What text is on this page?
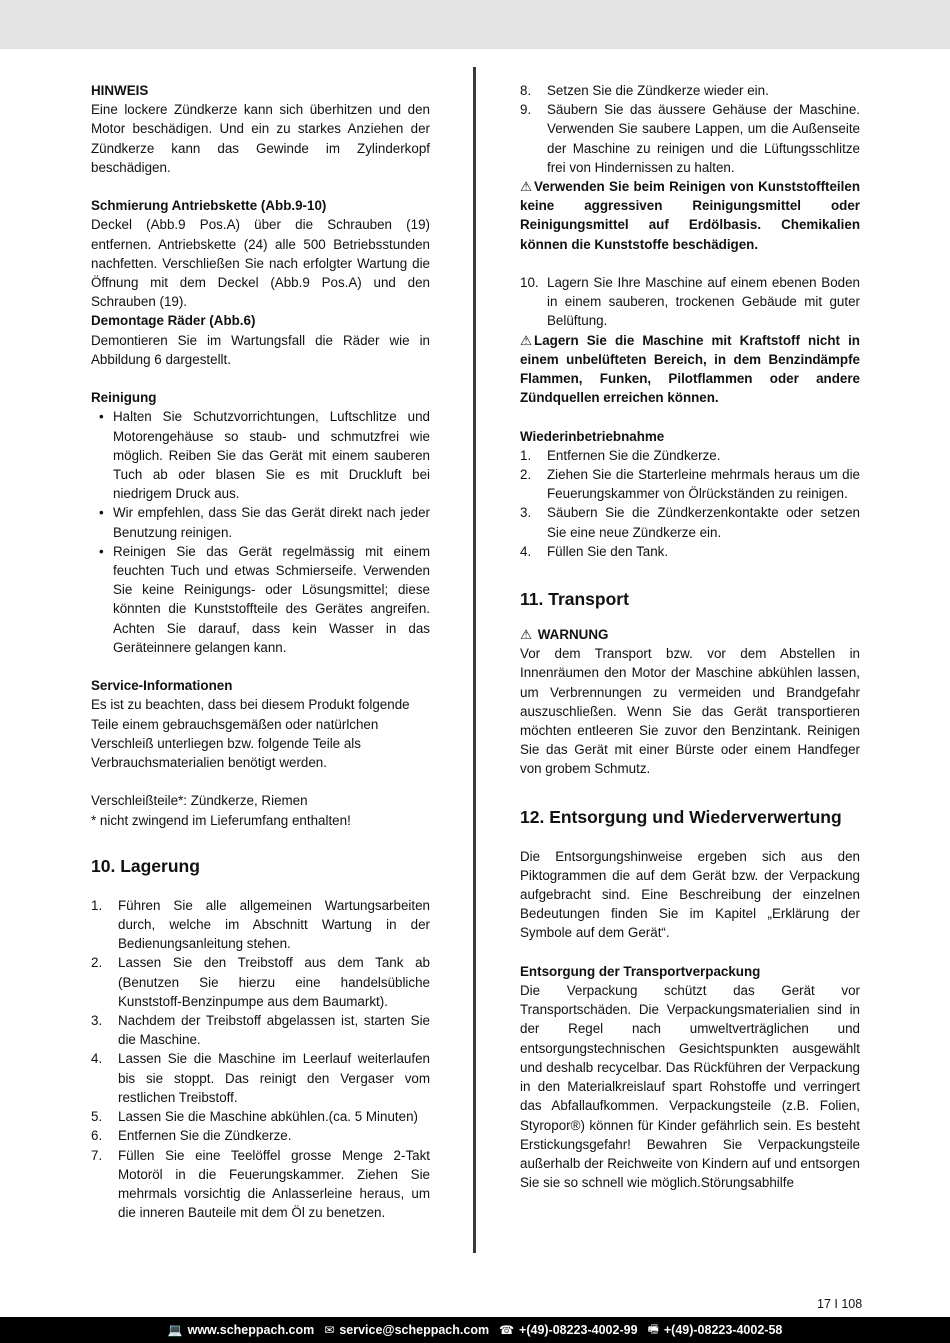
HINWEIS

Eine lockere Zündkerze kann sich überhitzen und den Motor beschädigen. Und ein zu starkes Anziehen der Zündkerze kann das Gewinde im Zylinderkopf beschädigen.

Schmierung Antriebskette (Abb.9-10)

Deckel (Abb.9 Pos.A) über die Schrauben (19) entfernen. Antriebskette (24) alle 500 Betriebsstunden nachfetten. Verschließen Sie nach erfolgter Wartung die Öffnung mit dem Deckel (Abb.9 Pos.A) und den Schrauben (19).

Demontage Räder (Abb.6)

Demontieren Sie im Wartungsfall die Räder wie in Abbildung 6 dargestellt.

Reinigung

• Halten Sie Schutzvorrichtungen, Luftschlitze und Motorengehäuse so staub- und schmutzfrei wie möglich. Reiben Sie das Gerät mit einem sauberen Tuch ab oder blasen Sie es mit Druckluft bei niedrigem Druck aus.
• Wir empfehlen, dass Sie das Gerät direkt nach jeder Benutzung reinigen.
• Reinigen Sie das Gerät regelmässig mit einem feuchten Tuch und etwas Schmierseife. Verwenden Sie keine Reinigungs- oder Lösungsmittel; diese könnten die Kunststoffteile des Gerätes angreifen. Achten Sie darauf, dass kein Wasser in das Geräteinnere gelangen kann.

Service-Informationen

Es ist zu beachten, dass bei diesem Produkt folgende

Teile einem gebrauchsgemäßen oder natürlchen

Verschleiß unterliegen bzw. folgende Teile als

Verbrauchsmaterialien benötigt werden.

Verschleißteile*: Zündkerze, Riemen

* nicht zwingend im Lieferumfang enthalten!

10. Lagerung

1. Führen Sie alle allgemeinen Wartungsarbeiten durch, welche im Abschnitt Wartung in der Bedienungsanleitung stehen.
2. Lassen Sie den Treibstoff aus dem Tank ab (Benutzen Sie hierzu eine handelsübliche Kunststoff-Benzinpumpe aus dem Baumarkt).
3. Nachdem der Treibstoff abgelassen ist, starten Sie die Maschine.
4. Lassen Sie die Maschine im Leerlauf weiterlaufen bis sie stoppt. Das reinigt den Vergaser vom restlichen Treibstoff.
5. Lassen Sie die Maschine abkühlen.(ca. 5 Minuten)
6. Entfernen Sie die Zündkerze.
7. Füllen Sie eine Teelöffel grosse Menge 2-Takt Motoröl in die Feuerungskammer. Ziehen Sie mehrmals vorsichtig die Anlasserleine heraus, um die inneren Bauteile mit dem Öl zu benetzen.
8. Setzen Sie die Zündkerze wieder ein.
9. Säubern Sie das äussere Gehäuse der Maschine. Verwenden Sie saubere Lappen, um die Außenseite der Maschine zu reinigen und die Lüftungsschlitze frei von Hindernissen zu halten.

⚠ Verwenden Sie beim Reinigen von Kunststoffteilen keine aggressiven Reinigungsmittel oder Reinigungsmittel auf Erdölbasis. Chemikalien können die Kunststoffe beschädigen.

10. Lagern Sie Ihre Maschine auf einem ebenen Boden in einem sauberen, trockenen Gebäude mit guter Belüftung.

⚠ Lagern Sie die Maschine mit Kraftstoff nicht in einem unbelüfteten Bereich, in dem Benzindämpfe Flammen, Funken, Pilotflammen oder andere Zündquellen erreichen können.

Wiederinbetriebnahme

1. Entfernen Sie die Zündkerze.
2. Ziehen Sie die Starterleine mehrmals heraus um die Feuerungskammer von Ölrückständen zu reinigen.
3. Säubern Sie die Zündkerzenkontakte oder setzen Sie eine neue Zündkerze ein.
4. Füllen Sie den Tank.

11. Transport

⚠ WARNUNG

Vor dem Transport bzw. vor dem Abstellen in Innenräumen den Motor der Maschine abkühlen lassen, um Verbrennungen zu vermeiden und Brandgefahr auszuschließen. Wenn Sie das Gerät transportieren möchten entleeren Sie zuvor den Benzintank. Reinigen Sie das Gerät mit einer Bürste oder einem Handfeger von grobem Schmutz.

12. Entsorgung und Wiederverwertung

Die Entsorgungshinweise ergeben sich aus den Piktogrammen die auf dem Gerät bzw. der Verpackung aufgebracht sind. Eine Beschreibung der einzelnen Bedeutungen finden Sie im Kapitel „Erklärung der Symbole auf dem Gerät“.

Entsorgung der Transportverpackung

Die Verpackung schützt das Gerät vor Transportschäden. Die Verpackungsmaterialien sind in der Regel nach umweltverträglichen und entsorgungstechnischen Gesichtspunkten ausgewählt und deshalb recycelbar. Das Rückführen der Verpackung in den Materialkreislauf spart Rohstoffe und verringert das Abfallaufkommen. Verpackungsteile (z.B. Folien, Styropor®) können für Kinder gefährlich sein. Es besteht Erstickungsgefahr! Bewahren Sie Verpackungsteile außerhalb der Reichweite von Kindern auf und entsorgen Sie sie so schnell wie möglich.Störungsabhilfe

17 I 108
💻 www.scheppach.com ✉ service@scheppach.com ☎ +(49)-08223-4002-99 🖷 +(49)-08223-4002-58
